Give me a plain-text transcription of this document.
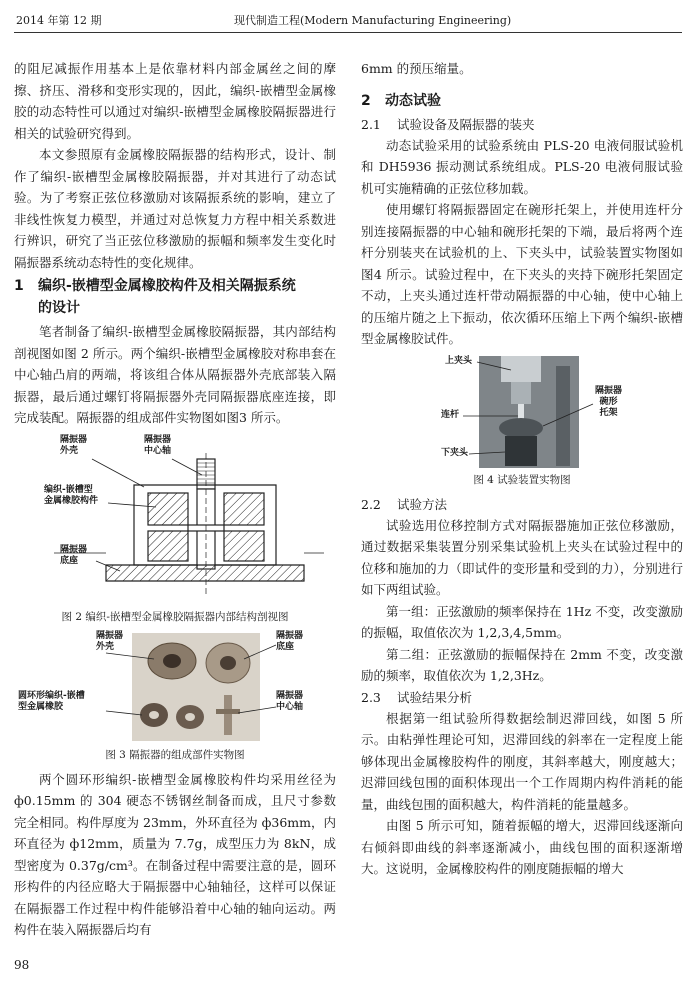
2014 年第 12 期	现代制造工程(Modern Manufacturing Engineering)

的阻尼减振作用基本上是依靠材料内部金属丝之间的摩擦、挤压、滑移和变形实现的，因此，编织-嵌槽型金属橡胶的动态特性可以通过对编织-嵌槽型金属橡胶隔振器进行相关的试验研究得到。

本文参照原有金属橡胶隔振器的结构形式，设计、制作了编织-嵌槽型金属橡胶隔振器，并对其进行了动态试验。为了考察正弦位移激励对该隔振系统的影响，建立了非线性恢复力模型，并通过对总恢复力方程中相关系数进行辨识，研究了当正弦位移激励的振幅和频率发生变化时隔振器系统动态特性的变化规律。

1 编织-嵌槽型金属橡胶构件及相关隔振系统
的设计

笔者制备了编织-嵌槽型金属橡胶隔振器，其内部结构剖视图如图 2 所示。两个编织-嵌槽型金属橡胶对称串套在中心轴凸肩的两端，将该组合体从隔振器外壳底部装入隔振器，最后通过螺钉将隔振器外壳同隔振器底座连接，即完成装配。隔振器的组成部件实物图如图3 所示。

隔振器
外壳
隔振器
中心轴
编织-嵌槽型
金属橡胶构件
隔振器
底座
图 2 编织-嵌槽型金属橡胶隔振器内部结构剖视图
隔振器
外壳
隔振器
底座
圆环形编织-嵌槽
型金属橡胶
隔振器
中心轴
图 3 隔振器的组成部件实物图

两个圆环形编织-嵌槽型金属橡胶构件均采用丝径为 ф0.15mm 的 304 硬态不锈钢丝制备而成，且尺寸参数完全相同。构件厚度为 23mm，外环直径为 ф36mm，内环直径为 ф12mm，质量为 7.7g，成型压力为 8kN，成型密度为 0.37g/cm³。在制备过程中需要注意的是，圆环形构件的内径应略大于隔振器中心轴轴径，这样可以保证在隔振器工作过程中构件能够沿着中心轴的轴向运动。两构件在装入隔振器后均有

6mm 的预压缩量。

2 动态试验
2.1 试验设备及隔振器的装夹

动态试验采用的试验系统由 PLS-20 电液伺服试验机和 DH5936 振动测试系统组成。PLS-20 电液伺服试验机可实施精确的正弦位移加载。

使用螺钉将隔振器固定在碗形托架上，并使用连杆分别连接隔振器的中心轴和碗形托架的下端，最后将两个连杆分别装夹在试验机的上、下夹头中，试验装置实物图如图4 所示。试验过程中，在下夹头的夹持下碗形托架固定不动，上夹头通过连杆带动隔振器的中心轴，使中心轴上的压缩片随之上下振动，依次循环压缩上下两个编织-嵌槽型金属橡胶试件。

上夹头
连杆
下夹头
隔振器
碗形
托架
图 4 试验装置实物图
2.2 试验方法

试验选用位移控制方式对隔振器施加正弦位移激励，通过数据采集装置分别采集试验机上夹头在试验过程中的位移和施加的力（即试件的变形量和受到的力），分别进行如下两组试验。

第一组：正弦激励的频率保持在 1Hz 不变，改变激励的振幅，取值依次为 1,2,3,4,5mm。

第二组：正弦激励的振幅保持在 2mm 不变，改变激励的频率，取值依次为 1,2,3Hz。

2.3 试验结果分析

根据第一组试验所得数据绘制迟滞回线，如图 5 所示。由粘弹性理论可知，迟滞回线的斜率在一定程度上能够体现出金属橡胶构件的刚度，其斜率越大，刚度越大；迟滞回线包围的面积体现出一个工作周期内构件消耗的能量，曲线包围的面积越大，构件消耗的能量越多。

由图 5 所示可知，随着振幅的增大，迟滞回线逐渐向右倾斜即曲线的斜率逐渐减小，曲线包围的面积逐渐增大。这说明，金属橡胶构件的刚度随振幅的增大

98
